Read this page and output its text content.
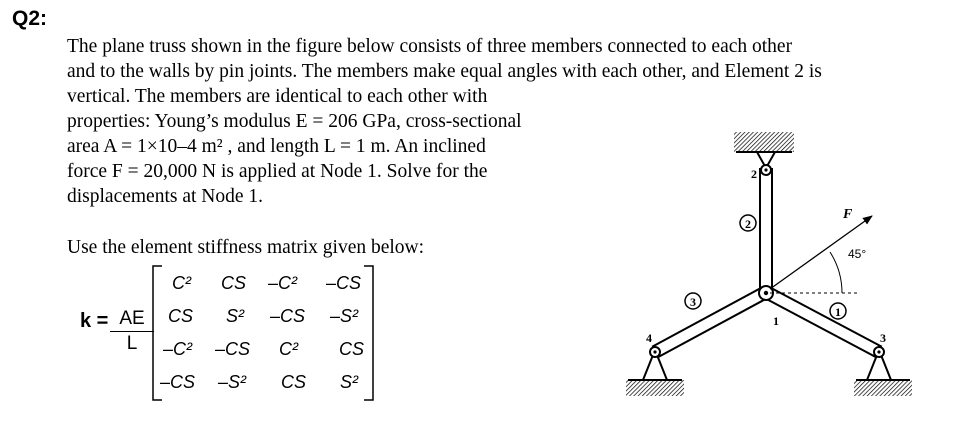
Q2:
The plane truss shown in the figure below consists of three members connected to each other
and to the walls by pin joints. The members make equal angles with each other, and Element 2 is
vertical. The members are identical to each other with
properties: Young’s modulus E = 206 GPa, cross-sectional
area A = 1×10–4 m² , and length L = 1 m. An inclined
force F = 20,000 N is applied at Node 1. Solve for the
displacements at Node 1.
Use the element stiffness matrix given below:
k = AE
L
C² CS –C² –CS
CS S² –CS –S²
–C² –CS C² CS
–CS –S² CS S²
2
3
1
2
1
4	3
F
45°
